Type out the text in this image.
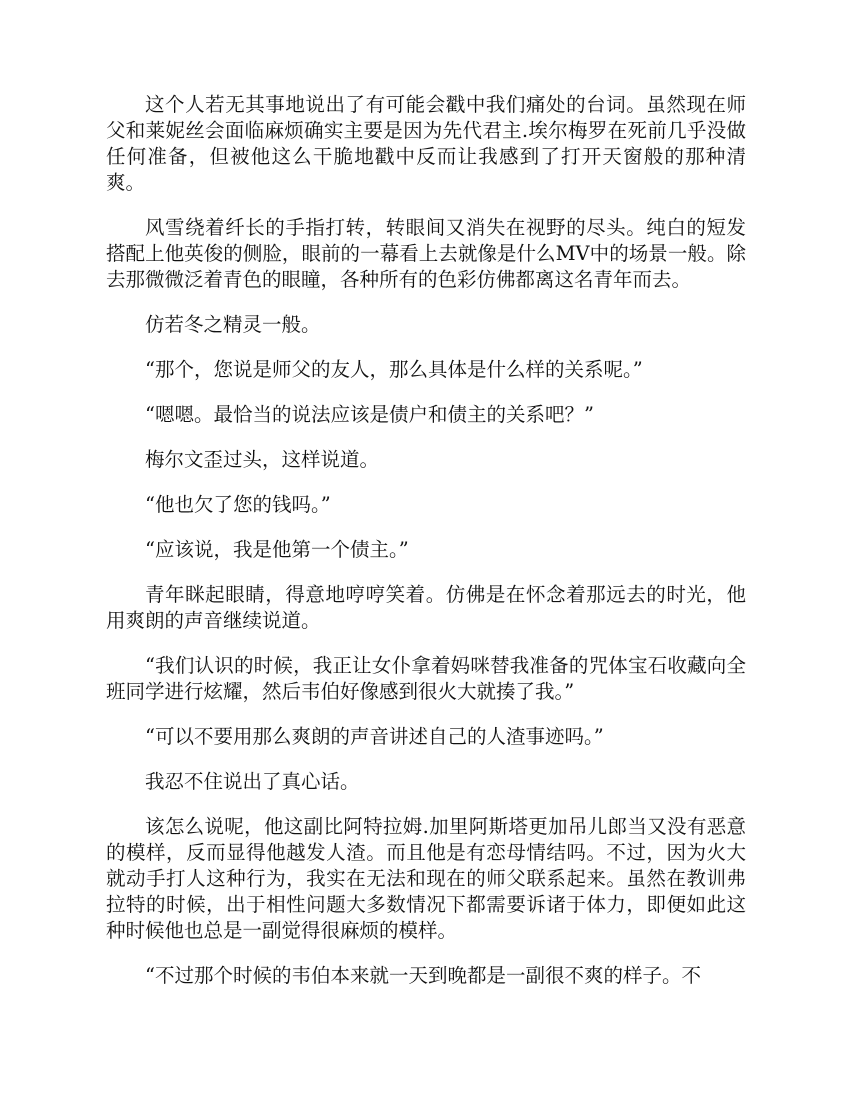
这个人若无其事地说出了有可能会戳中我们痛处的台词。虽然现在师父和莱妮丝会面临麻烦确实主要是因为先代君主.埃尔梅罗在死前几乎没做任何准备，但被他这么干脆地戳中反而让我感到了打开天窗般的那种清爽。

风雪绕着纤长的手指打转，转眼间又消失在视野的尽头。纯白的短发搭配上他英俊的侧脸，眼前的一幕看上去就像是什么MV中的场景一般。除去那微微泛着青色的眼瞳，各种所有的色彩仿佛都离这名青年而去。

仿若冬之精灵一般。

“那个，您说是师父的友人，那么具体是什么样的关系呢。”

“嗯嗯。最恰当的说法应该是债户和债主的关系吧？”

梅尔文歪过头，这样说道。

“他也欠了您的钱吗。”

“应该说，我是他第一个债主。”

青年眯起眼睛，得意地哼哼笑着。仿佛是在怀念着那远去的时光，他用爽朗的声音继续说道。

“我们认识的时候，我正让女仆拿着妈咪替我准备的咒体宝石收藏向全班同学进行炫耀，然后韦伯好像感到很火大就揍了我。”

“可以不要用那么爽朗的声音讲述自己的人渣事迹吗。”

我忍不住说出了真心话。

该怎么说呢，他这副比阿特拉姆.加里阿斯塔更加吊儿郎当又没有恶意的模样，反而显得他越发人渣。而且他是有恋母情结吗。不过，因为火大就动手打人这种行为，我实在无法和现在的师父联系起来。虽然在教训弗拉特的时候，出于相性问题大多数情况下都需要诉诸于体力，即便如此这种时候他也总是一副觉得很麻烦的模样。

“不过那个时候的韦伯本来就一天到晚都是一副很不爽的样子。不
